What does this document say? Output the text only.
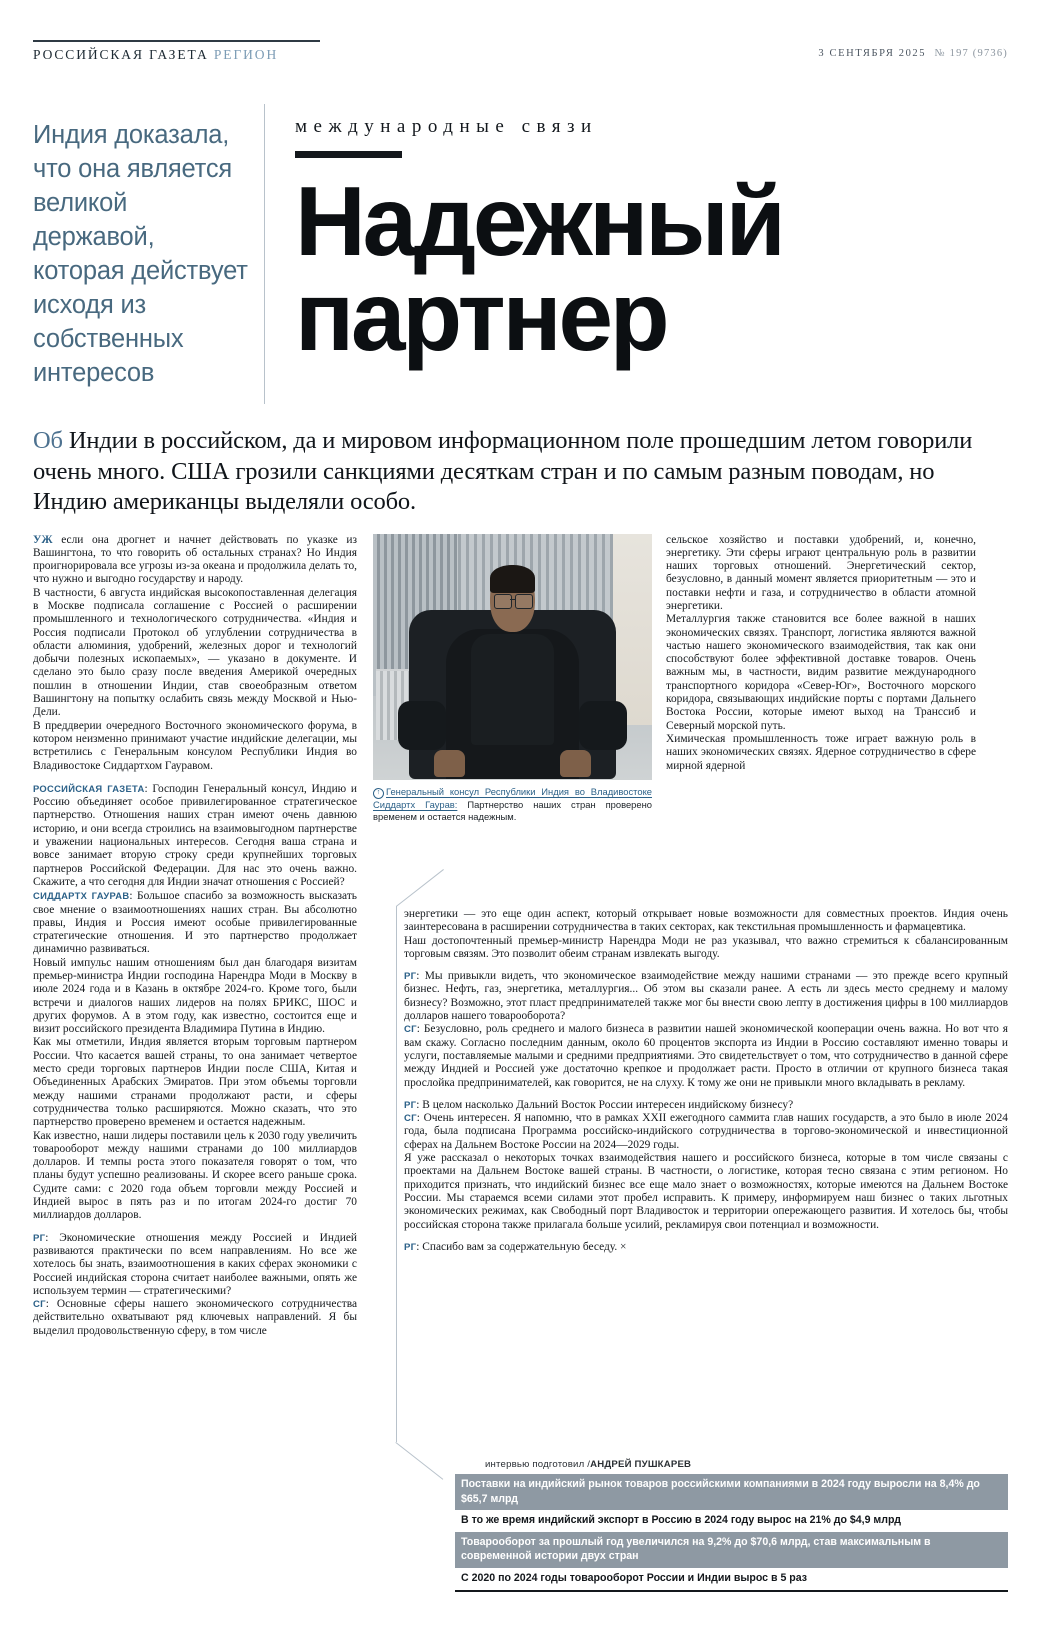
РОССИЙСКАЯ ГАЗЕТА РЕГИОН	3 СЕНТЯБРЯ 2025 № 197 (9736)
Индия доказала, что она является великой державой, которая действует исходя из собственных интересов
международные связи
Надежный партнер
Об Индии в российском, да и мировом информационном поле прошедшим летом говорили очень много. США грозили санкциями десяткам стран и по самым разным поводам, но Индию американцы выделяли особо.

УЖ если она дрогнет и начнет действовать по указке из Вашингтона, то что говорить об остальных странах? Но Индия проигнорировала все угрозы из-за океана и продолжила делать то, что нужно и выгодно государству и народу.

В частности, 6 августа индийская высокопоставленная делегация в Москве подписала соглашение с Россией о расширении промышленного и технологического сотрудничества. «Индия и Россия подписали Протокол об углублении сотрудничества в области алюминия, удобрений, железных дорог и технологий добычи полезных ископаемых», — указано в документе. И сделано это было сразу после введения Америкой очередных пошлин в отношении Индии, став своеобразным ответом Вашингтону на попытку ослабить связь между Москвой и Нью-Дели.

В преддверии очередного Восточного экономического форума, в котором неизменно принимают участие индийские делегации, мы встретились с Генеральным консулом Республики Индия во Владивостоке Сиддартхом Гауравом.

РОССИЙСКАЯ ГАЗЕТА: Господин Генеральный консул, Индию и Россию объединяет особое привилегированное стратегическое партнерство. Отношения наших стран имеют очень давнюю историю, и они всегда строились на взаимовыгодном партнерстве и уважении национальных интересов. Сегодня ваша страна и вовсе занимает вторую строку среди крупнейших торговых партнеров Российской Федерации. Для нас это очень важно. Скажите, а что сегодня для Индии значат отношения с Россией?

СИДДАРТХ ГАУРАВ: Большое спасибо за возможность высказать свое мнение о взаимоотношениях наших стран. Вы абсолютно правы, Индия и Россия имеют особые привилегированные стратегические отношения. И это партнерство продолжает динамично развиваться.

Новый импульс нашим отношениям был дан благодаря визитам премьер-министра Индии господина Нарендра Моди в Москву в июле 2024 года и в Казань в октябре 2024-го. Кроме того, были встречи и диалогов наших лидеров на полях БРИКС, ШОС и других форумов. А в этом году, как известно, состоится еще и визит российского президента Владимира Путина в Индию.

Как мы отметили, Индия является вторым торговым партнером России. Что касается вашей страны, то она занимает четвертое место среди торговых партнеров Индии после США, Китая и Объединенных Арабских Эмиратов. При этом объемы торговли между нашими странами продолжают расти, и сферы сотрудничества только расширяются. Можно сказать, что это партнерство проверено временем и остается надежным.

Как известно, наши лидеры поставили цель к 2030 году увеличить товарооборот между нашими странами до 100 миллиардов долларов. И темпы роста этого показателя говорят о том, что планы будут успешно реализованы. И скорее всего раньше срока. Судите сами: с 2020 года объем торговли между Россией и Индией вырос в пять раз и по итогам 2024-го достиг 70 миллиардов долларов.

РГ: Экономические отношения между Россией и Индией развиваются практически по всем направлениям. Но все же хотелось бы знать, взаимоотношения в каких сферах экономики с Россией индийская сторона считает наиболее важными, опять же используем термин — стратегическими?

СГ: Основные сферы нашего экономического сотрудничества действительно охватывают ряд ключевых направлений. Я бы выделил продовольственную сферу, в том числе

↑ Генеральный консул Республики Индия во Владивостоке Сиддартх Гаурав: Партнерство наших стран проверено временем и остается надежным.

сельское хозяйство и поставки удобрений, и, конечно, энергетику. Эти сферы играют центральную роль в развитии наших торговых отношений. Энергетический сектор, безусловно, в данный момент является приоритетным — это и поставки нефти и газа, и сотрудничество в области атомной энергетики.

Металлургия также становится все более важной в наших экономических связях. Транспорт, логистика являются важной частью нашего экономического взаимодействия, так как они способствуют более эффективной доставке товаров. Очень важным мы, в частности, видим развитие международного транспортного коридора «Север-Юг», Восточного морского коридора, связывающих индийские порты с портами Дальнего Востока России, которые имеют выход на Транссиб и Северный морской путь.

Химическая промышленность тоже играет важную роль в наших экономических связях. Ядерное сотрудничество в сфере мирной ядерной

энергетики — это еще один аспект, который открывает новые возможности для совместных проектов. Индия очень заинтересована в расширении сотрудничества в таких секторах, как текстильная промышленность и фармацевтика.

Наш достопочтенный премьер-министр Нарендра Моди не раз указывал, что важно стремиться к сбалансированным торговым связям. Это позволит обеим странам извлекать выгоду.

РГ: Мы привыкли видеть, что экономическое взаимодействие между нашими странами — это прежде всего крупный бизнес. Нефть, газ, энергетика, металлургия... Об этом вы сказали ранее. А есть ли здесь место среднему и малому бизнесу? Возможно, этот пласт предпринимателей также мог бы внести свою лепту в достижения цифры в 100 миллиардов долларов нашего товарооборота?

СГ: Безусловно, роль среднего и малого бизнеса в развитии нашей экономической кооперации очень важна. Но вот что я вам скажу. Согласно последним данным, около 60 процентов экспорта из Индии в Россию составляют именно товары и услуги, поставляемые малыми и средними предприятиями. Это свидетельствует о том, что сотрудничество в данной сфере между Индией и Россией уже достаточно крепкое и продолжает расти. Просто в отличии от крупного бизнеса такая прослойка предпринимателей, как говорится, не на слуху. К тому же они не привыкли много вкладывать в рекламу.

РГ: В целом насколько Дальний Восток России интересен индийскому бизнесу?

СГ: Очень интересен. Я напомню, что в рамках XXII ежегодного саммита глав наших государств, а это было в июле 2024 года, была подписана Программа российско-индийского сотрудничества в торгово-экономической и инвестиционной сферах на Дальнем Востоке России на 2024—2029 годы.

Я уже рассказал о некоторых точках взаимодействия нашего и российского бизнеса, которые в том числе связаны с проектами на Дальнем Востоке вашей страны. В частности, о логистике, которая тесно связана с этим регионом. Но приходится признать, что индийский бизнес все еще мало знает о возможностях, которые имеются на Дальнем Востоке России. Мы стараемся всеми силами этот пробел исправить. К примеру, информируем наш бизнес о таких льготных экономических режимах, как Свободный порт Владивосток и территории опережающего развития. И хотелось бы, чтобы российская сторона также прилагала больше усилий, рекламируя свои потенциал и возможности.

РГ: Спасибо вам за содержательную беседу. ×

интервью подготовил /АНДРЕЙ ПУШКАРЕВ
Поставки на индийский рынок товаров российскими компаниями в 2024 году выросли на 8,4% до $65,7 млрд
В то же время индийский экспорт в Россию в 2024 году вырос на 21% до $4,9 млрд
Товарооборот за прошлый год увеличился на 9,2% до $70,6 млрд, став максимальным в современной истории двух стран
С 2020 по 2024 годы товарооборот России и Индии вырос в 5 раз
